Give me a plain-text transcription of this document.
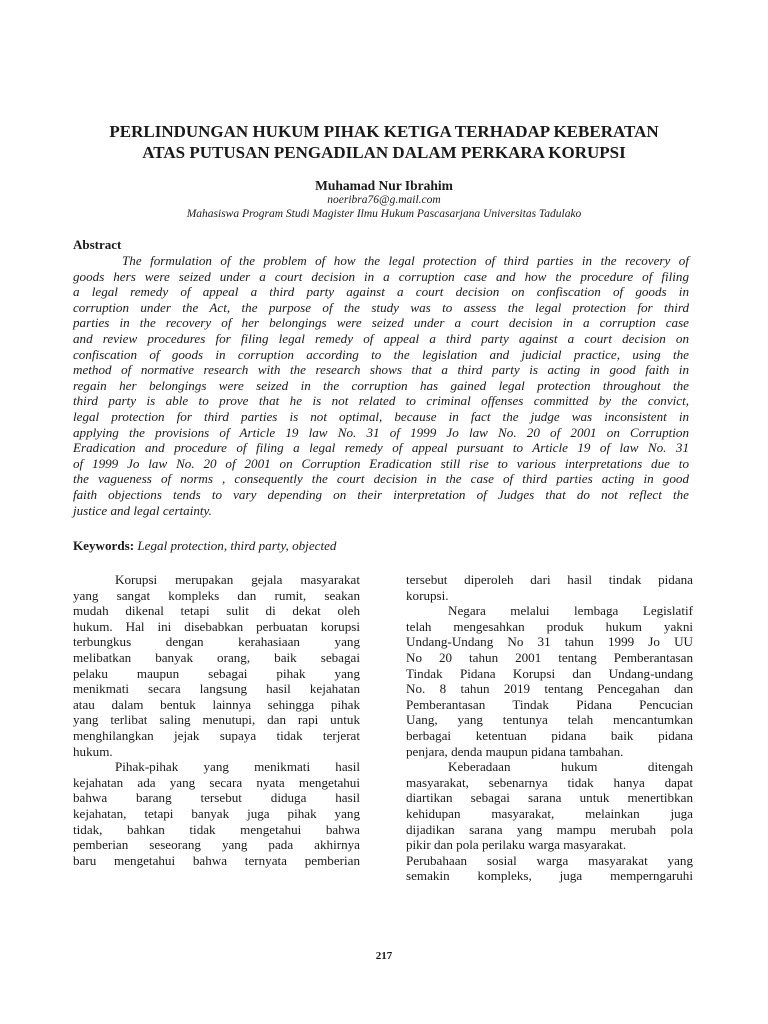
PERLINDUNGAN HUKUM PIHAK KETIGA TERHADAP KEBERATAN
ATAS PUTUSAN PENGADILAN DALAM PERKARA KORUPSI
Muhamad Nur Ibrahim
noeribra76@g.mail.com
Mahasiswa Program Studi Magister Ilmu Hukum Pascasarjana Universitas Tadulako
Abstract
The formulation of the problem of how the legal protection of third parties in the recovery of
goods hers were seized under a court decision in a corruption case and how the procedure of filing
a legal remedy of appeal a third party against a court decision on confiscation of goods in
corruption under the Act, the purpose of the study was to assess the legal protection for third
parties in the recovery of her belongings were seized under a court decision in a corruption case
and review procedures for filing legal remedy of appeal a third party against a court decision on
confiscation of goods in corruption according to the legislation and judicial practice, using the
method of normative research with the research shows that a third party is acting in good faith in
regain her belongings were seized in the corruption has gained legal protection throughout the
third party is able to prove that he is not related to criminal offenses committed by the convict,
legal protection for third parties is not optimal, because in fact the judge was inconsistent in
applying the provisions of Article 19 law No. 31 of 1999 Jo law No. 20 of 2001 on Corruption
Eradication and procedure of filing a legal remedy of appeal pursuant to Article 19 of law No. 31
of 1999 Jo law No. 20 of 2001 on Corruption Eradication still rise to various interpretations due to
the vagueness of norms , consequently the court decision in the case of third parties acting in good
faith objections tends to vary depending on their interpretation of Judges that do not reflect the
justice and legal certainty.
Keywords: Legal protection, third party, objected
Korupsi merupakan gejala masyarakat
yang sangat kompleks dan rumit, seakan
mudah dikenal tetapi sulit di dekat oleh
hukum. Hal ini disebabkan perbuatan korupsi
terbungkus dengan kerahasiaan yang
melibatkan banyak orang, baik sebagai
pelaku maupun sebagai pihak yang
menikmati secara langsung hasil kejahatan
atau dalam bentuk lainnya sehingga pihak
yang terlibat saling menutupi, dan rapi untuk
menghilangkan jejak supaya tidak terjerat
hukum.
Pihak-pihak yang menikmati hasil
kejahatan ada yang secara nyata mengetahui
bahwa barang tersebut diduga hasil
kejahatan, tetapi banyak juga pihak yang
tidak, bahkan tidak mengetahui bahwa
pemberian seseorang yang pada akhirnya
baru mengetahui bahwa ternyata pemberian
tersebut diperoleh dari hasil tindak pidana
korupsi.
Negara melalui lembaga Legislatif
telah mengesahkan produk hukum yakni
Undang-Undang No 31 tahun 1999 Jo UU
No 20 tahun 2001 tentang Pemberantasan
Tindak Pidana Korupsi dan Undang-undang
No. 8 tahun 2019 tentang Pencegahan dan
Pemberantasan Tindak Pidana Pencucian
Uang, yang tentunya telah mencantumkan
berbagai ketentuan pidana baik pidana
penjara, denda maupun pidana tambahan.
Keberadaan hukum ditengah
masyarakat, sebenarnya tidak hanya dapat
diartikan sebagai sarana untuk menertibkan
kehidupan masyarakat, melainkan juga
dijadikan sarana yang mampu merubah pola
pikir dan pola perilaku warga masyarakat.
Perubahaan sosial warga masyarakat yang
semakin kompleks, juga memperngaruhi
217
